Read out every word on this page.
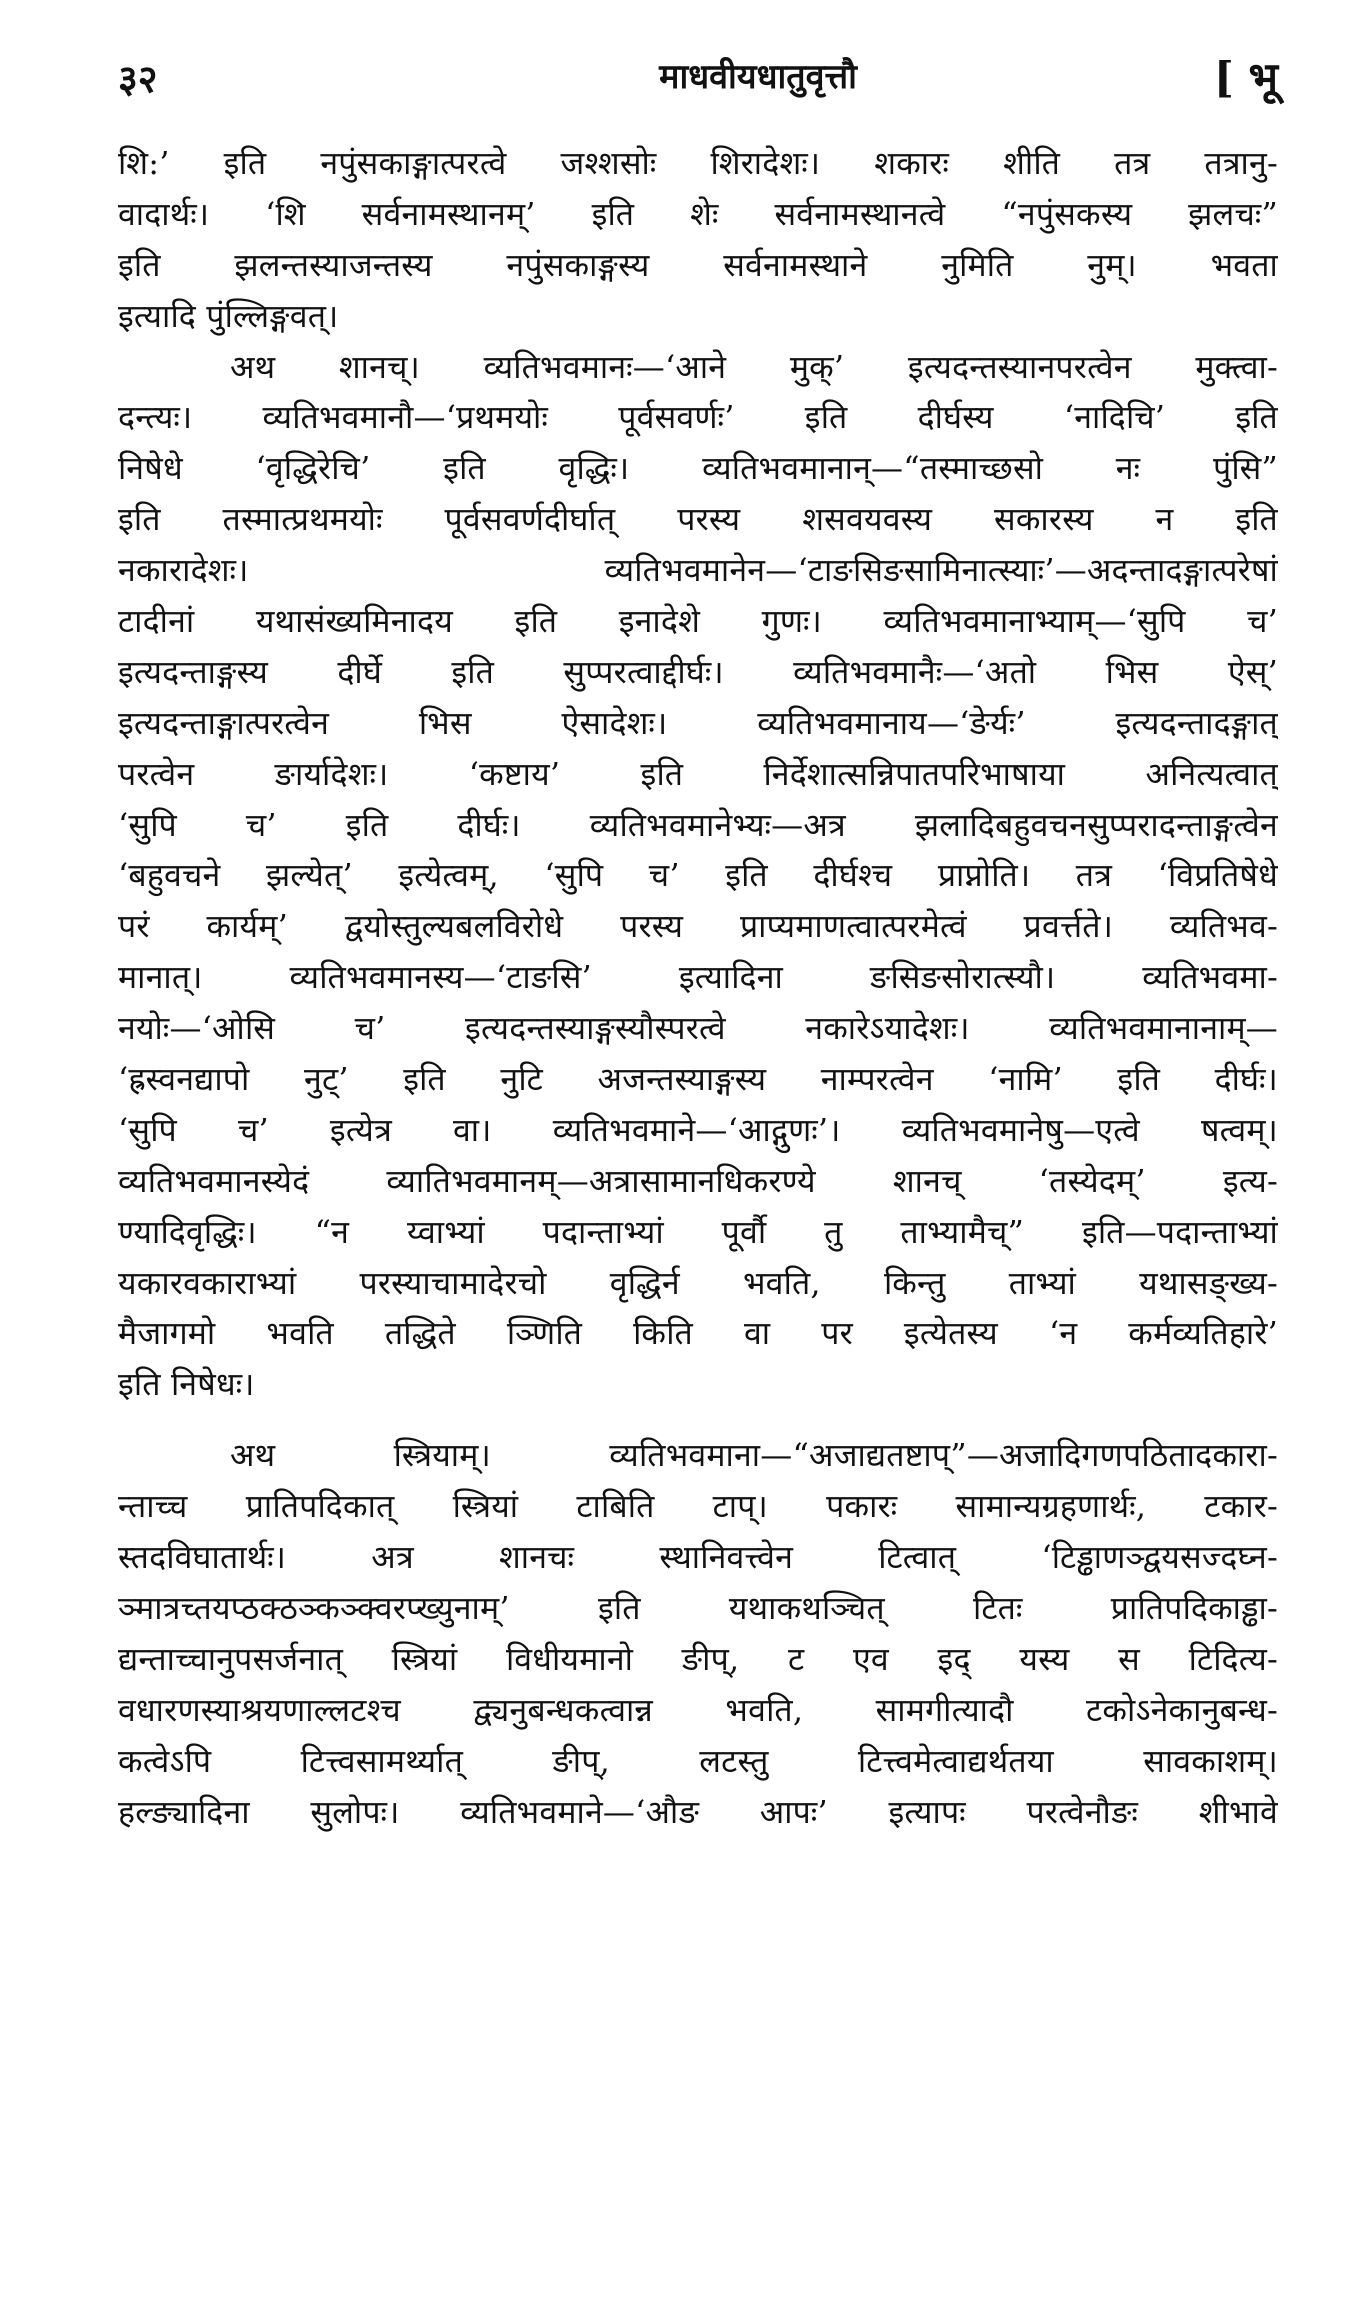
३२	माधवीयधातुवृत्तौ	[ भू
शि:’ इति नपुंसकाङ्गात्परत्वे जश्शसोः शिरादेशः। शकारः शीति तत्र तत्रानु-
वादार्थः। ‘शि सर्वनामस्थानम्’ इति शेः सर्वनामस्थानत्वे “नपुंसकस्य झलचः”
इति झलन्तस्याजन्तस्य नपुंसकाङ्गस्य सर्वनामस्थाने नुमिति नुम्। भवता
इत्यादि पुंल्लिङ्गवत्।
अथ शानच्। व्यतिभवमानः—‘आने मुक्’ इत्यदन्तस्यानपरत्वेन मुक्त्वा-
दन्त्यः। व्यतिभवमानौ—‘प्रथमयोः पूर्वसवर्णः’ इति दीर्घस्य ‘नादिचि’ इति
निषेधे ‘वृद्धिरेचि’ इति वृद्धिः। व्यतिभवमानान्—“तस्माच्छसो नः पुंसि”
इति तस्मात्प्रथमयोः पूर्वसवर्णदीर्घात् परस्य शसवयवस्य सकारस्य न इति
नकारादेशः। व्यतिभवमानेन—‘टाङसिङसामिनात्स्याः’—अदन्तादङ्गात्परेषां
टादीनां यथासंख्यमिनादय इति इनादेशे गुणः। व्यतिभवमानाभ्याम्—‘सुपि च’
इत्यदन्ताङ्गस्य दीर्घे इति सुप्परत्वाद्दीर्घः। व्यतिभवमानैः—‘अतो भिस ऐस्’
इत्यदन्ताङ्गात्परत्वेन भिस ऐसादेशः। व्यतिभवमानाय—‘ङेर्यः’ इत्यदन्तादङ्गात्
परत्वेन ङार्यादेशः। ‘कष्टाय’ इति निर्देशात्सन्निपातपरिभाषाया अनित्यत्वात्
‘सुपि च’ इति दीर्घः। व्यतिभवमानेभ्यः—अत्र झलादिबहुवचनसुप्परादन्ताङ्गत्वेन
‘बहुवचने झल्येत्’ इत्येत्वम्, ‘सुपि च’ इति दीर्घश्च प्राप्नोति। तत्र ‘विप्रतिषेधे
परं कार्यम्’ द्वयोस्तुल्यबलविरोधे परस्य प्राप्यमाणत्वात्परमेत्वं प्रवर्त्तते। व्यतिभव-
मानात्। व्यतिभवमानस्य—‘टाङसि’ इत्यादिना ङसिङसोरात्स्यौ। व्यतिभवमा-
नयोः—‘ओसि च’ इत्यदन्तस्याङ्गस्यौस्परत्वे नकारेऽयादेशः। व्यतिभवमानानाम्—
‘ह्रस्वनद्यापो नुट्’ इति नुटि अजन्तस्याङ्गस्य नाम्परत्वेन ‘नामि’ इति दीर्घः।
‘सुपि च’ इत्येत्र वा। व्यतिभवमाने—‘आद्गुणः’। व्यतिभवमानेषु—एत्वे षत्वम्।
व्यतिभवमानस्येदं व्यातिभवमानम्—अत्रासामानधिकरण्ये शानच् ‘तस्येदम्’ इत्य-
ण्यादिवृद्धिः। “न य्वाभ्यां पदान्ताभ्यां पूर्वौ तु ताभ्यामैच्” इति—पदान्ताभ्यां
यकारवकाराभ्यां परस्याचामादेरचो वृद्धिर्न भवति, किन्तु ताभ्यां यथासङ्ख्य-
मैजागमो भवति तद्धिते ञ्णिति किति वा पर इत्येतस्य ‘न कर्मव्यतिहारे’
इति निषेधः।
अथ स्त्रियाम्। व्यतिभवमाना—“अजाद्यतष्टाप्”—अजादिगणपठितादकारा-
न्ताच्च प्रातिपदिकात् स्त्रियां टाबिति टाप्। पकारः सामान्यग्रहणार्थः, टकार-
स्तदविघातार्थः। अत्र शानचः स्थानिवत्त्वेन टित्वात् ‘टिड्ढाणञ्द्वयसज्दघ्न-
ञ्मात्रच्तयप्ठक्ठञ्कञ्क्वरप्ख्युनाम्’ इति यथाकथञ्चित् टितः प्रातिपदिकाड्ढा-
द्यन्ताच्चानुपसर्जनात् स्त्रियां विधीयमानो ङीप्, ट एव इद् यस्य स टिदित्य-
वधारणस्याश्रयणाल्लटश्च द्व्यनुबन्धकत्वान्न भवति, सामगीत्यादौ टकोऽनेकानुबन्ध-
कत्वेऽपि टित्त्वसामर्थ्यात् ङीप्, लटस्तु टित्त्वमेत्वाद्यर्थतया सावकाशम्।
हल्ङ्यादिना सुलोपः। व्यतिभवमाने—‘औङ आपः’ इत्यापः परत्वेनौङः शीभावे
